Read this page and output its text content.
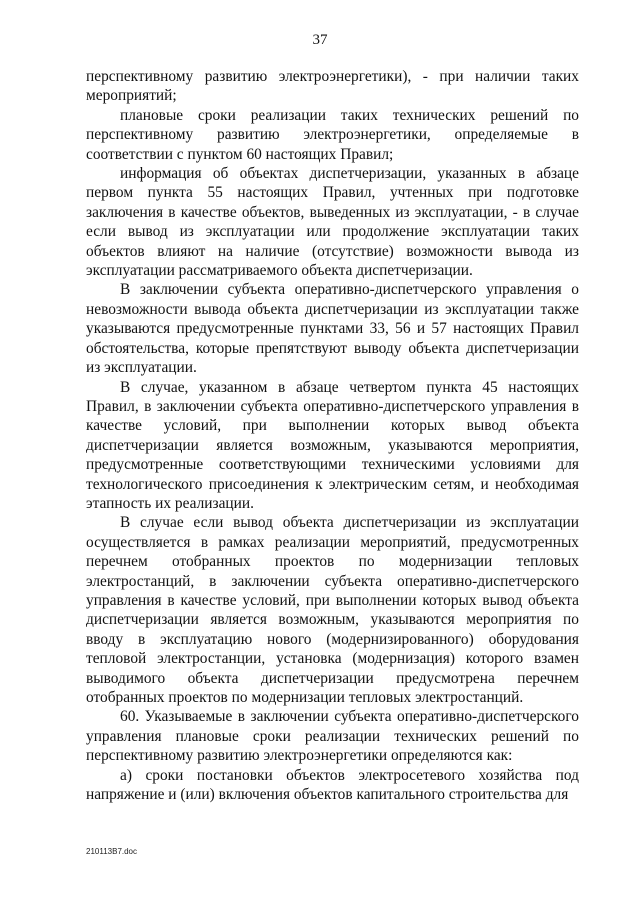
37

перспективному развитию электроэнергетики), - при наличии таких мероприятий;

плановые сроки реализации таких технических решений по перспективному развитию электроэнергетики, определяемые в соответствии с пунктом 60 настоящих Правил;

информация об объектах диспетчеризации, указанных в абзаце первом пункта 55 настоящих Правил, учтенных при подготовке заключения в качестве объектов, выведенных из эксплуатации, - в случае если вывод из эксплуатации или продолжение эксплуатации таких объектов влияют на наличие (отсутствие) возможности вывода из эксплуатации рассматриваемого объекта диспетчеризации.

В заключении субъекта оперативно-диспетчерского управления о невозможности вывода объекта диспетчеризации из эксплуатации также указываются предусмотренные пунктами 33, 56 и 57 настоящих Правил обстоятельства, которые препятствуют выводу объекта диспетчеризации из эксплуатации.

В случае, указанном в абзаце четвертом пункта 45 настоящих Правил, в заключении субъекта оперативно-диспетчерского управления в качестве условий, при выполнении которых вывод объекта диспетчеризации является возможным, указываются мероприятия, предусмотренные соответствующими техническими условиями для технологического присоединения к электрическим сетям, и необходимая этапность их реализации.

В случае если вывод объекта диспетчеризации из эксплуатации осуществляется в рамках реализации мероприятий, предусмотренных перечнем отобранных проектов по модернизации тепловых электростанций, в заключении субъекта оперативно-диспетчерского управления в качестве условий, при выполнении которых вывод объекта диспетчеризации является возможным, указываются мероприятия по вводу в эксплуатацию нового (модернизированного) оборудования тепловой электростанции, установка (модернизация) которого взамен выводимого объекта диспетчеризации предусмотрена перечнем отобранных проектов по модернизации тепловых электростанций.

60. Указываемые в заключении субъекта оперативно-диспетчерского управления плановые сроки реализации технических решений по перспективному развитию электроэнергетики определяются как:

а) сроки постановки объектов электросетевого хозяйства под напряжение и (или) включения объектов капитального строительства для

210113B7.doc
